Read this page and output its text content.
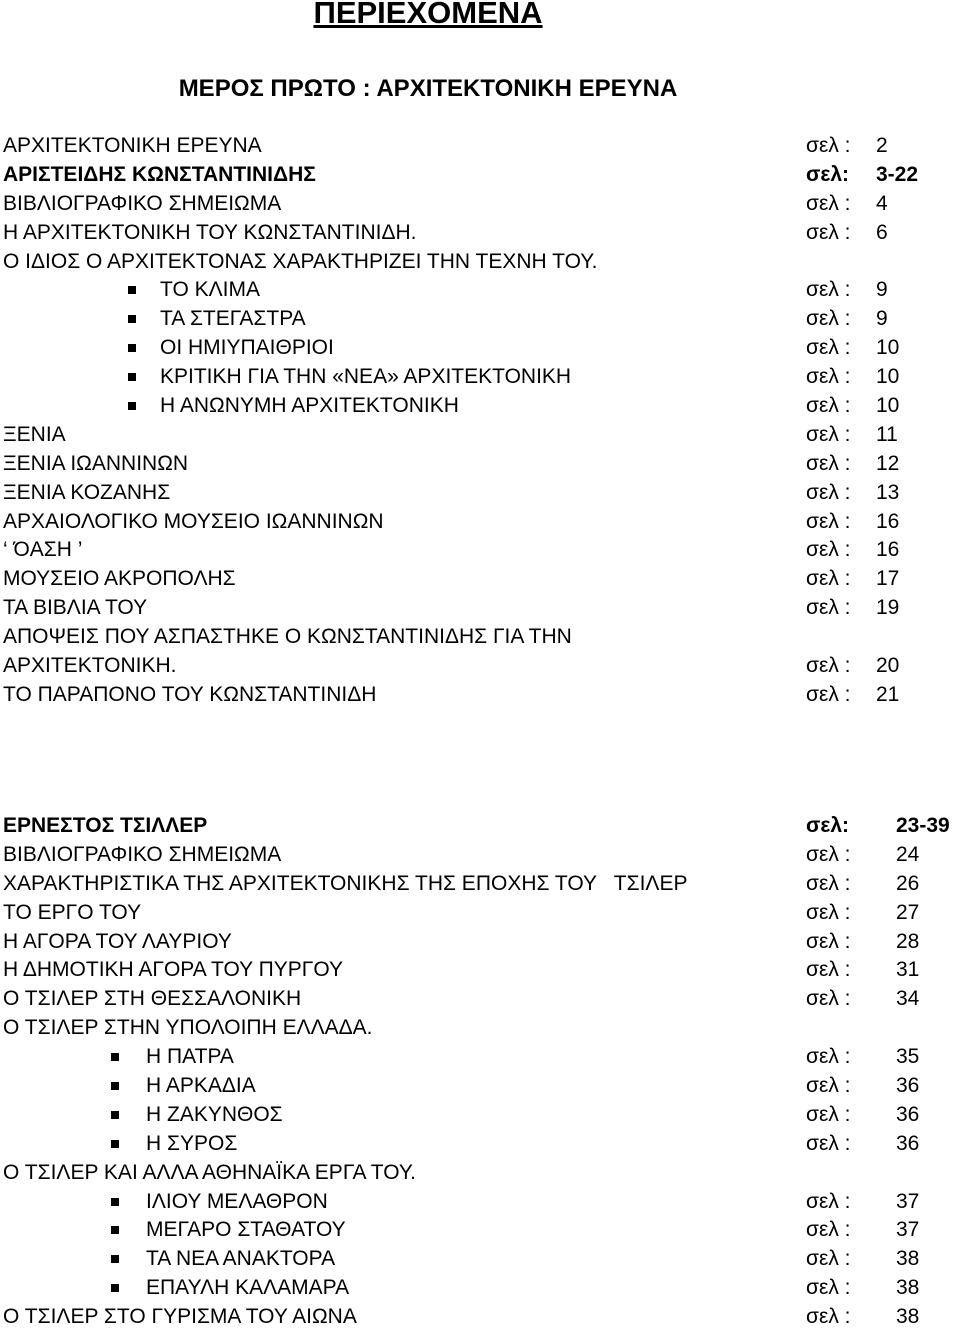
ΠΕΡΙΕΧΟΜΕΝΑ
ΜΕΡΟΣ ΠΡΩΤΟ : ΑΡΧΙΤΕΚΤΟΝΙΚΗ ΕΡΕΥΝΑ
ΑΡΧΙΤΕΚΤΟΝΙΚΗ ΕΡΕΥΝΑ	σελ : 2
ΑΡΙΣΤΕΙΔΗΣ ΚΩΝΣΤΑΝΤΙΝΙΔΗΣ	σελ: 3-22
ΒΙΒΛΙΟΓΡΑΦΙΚΟ ΣΗΜΕΙΩΜΑ	σελ : 4
Η ΑΡΧΙΤΕΚΤΟΝΙΚΗ ΤΟΥ ΚΩΝΣΤΑΝΤΙΝΙΔΗ.	σελ : 6
Ο ΙΔΙΟΣ Ο ΑΡΧΙΤΕΚΤΟΝΑΣ ΧΑΡΑΚΤΗΡΙΖΕΙ ΤΗΝ ΤΕΧΝΗ ΤΟΥ.
ΤΟ ΚΛΙΜΑ	σελ : 9
ΤΑ ΣΤΕΓΑΣΤΡΑ	σελ : 9
ΟΙ ΗΜΙΥΠΑΙΘΡΙΟΙ	σελ : 10
ΚΡΙΤΙΚΗ ΓΙΑ ΤΗΝ «ΝΕΑ» ΑΡΧΙΤΕΚΤΟΝΙΚΗ	σελ : 10
Η ΑΝΩΝΥΜΗ ΑΡΧΙΤΕΚΤΟΝΙΚΗ	σελ : 10
ΞΕΝΙΑ	σελ : 11
ΞΕΝΙΑ ΙΩΑΝΝΙΝΩΝ	σελ : 12
ΞΕΝΙΑ ΚΟΖΑΝΗΣ	σελ : 13
ΑΡΧΑΙΟΛΟΓΙΚΟ ΜΟΥΣΕΙΟ ΙΩΑΝΝΙΝΩΝ	σελ : 16
‘ ΌΑΣΗ ’	σελ : 16
ΜΟΥΣΕΙΟ ΑΚΡΟΠΟΛΗΣ	σελ : 17
ΤΑ ΒΙΒΛΙΑ ΤΟΥ	σελ : 19
ΑΠΟΨΕΙΣ ΠΟΥ ΑΣΠΑΣΤΗΚΕ Ο ΚΩΝΣΤΑΝΤΙΝΙΔΗΣ ΓΙΑ ΤΗΝ
ΑΡΧΙΤΕΚΤΟΝΙΚΗ.	σελ : 20
ΤΟ ΠΑΡΑΠΟΝΟ ΤΟΥ ΚΩΝΣΤΑΝΤΙΝΙΔΗ	σελ : 21
ΕΡΝΕΣΤΟΣ ΤΣΙΛΛΕΡ	σελ: 23-39
ΒΙΒΛΙΟΓΡΑΦΙΚΟ ΣΗΜΕΙΩΜΑ	σελ : 24
ΧΑΡΑΚΤΗΡΙΣΤΙΚΑ ΤΗΣ ΑΡΧΙΤΕΚΤΟΝΙΚΗΣ ΤΗΣ ΕΠΟΧΗΣ ΤΟΥ   ΤΣΙΛΕΡ	σελ : 26
ΤΟ ΕΡΓΟ ΤΟΥ	σελ : 27
Η ΑΓΟΡΑ ΤΟΥ ΛΑΥΡΙΟΥ	σελ : 28
Η ΔΗΜΟΤΙΚΗ ΑΓΟΡΑ ΤΟΥ ΠΥΡΓΟΥ	σελ : 31
Ο ΤΣΙΛΕΡ ΣΤΗ ΘΕΣΣΑΛΟΝΙΚΗ	σελ : 34
Ο ΤΣΙΛΕΡ ΣΤΗΝ ΥΠΟΛΟΙΠΗ ΕΛΛΑΔΑ.
Η ΠΑΤΡΑ	σελ : 35
Η ΑΡΚΑΔΙΑ	σελ : 36
Η ΖΑΚΥΝΘΟΣ	σελ : 36
Η ΣΥΡΟΣ	σελ : 36
Ο ΤΣΙΛΕΡ ΚΑΙ ΑΛΛΑ ΑΘΗΝΑΪΚΑ ΕΡΓΑ ΤΟΥ.
ΙΛΙΟΥ ΜΕΛΑΘΡΟΝ	σελ : 37
ΜΕΓΑΡΟ ΣΤΑΘΑΤΟΥ	σελ : 37
ΤΑ ΝΕΑ ΑΝΑΚΤΟΡΑ	σελ : 38
ΕΠΑΥΛΗ ΚΑΛΑΜΑΡΑ	σελ : 38
Ο ΤΣΙΛΕΡ ΣΤΟ ΓΥΡΙΣΜΑ ΤΟΥ ΑΙΩΝΑ	σελ : 38
